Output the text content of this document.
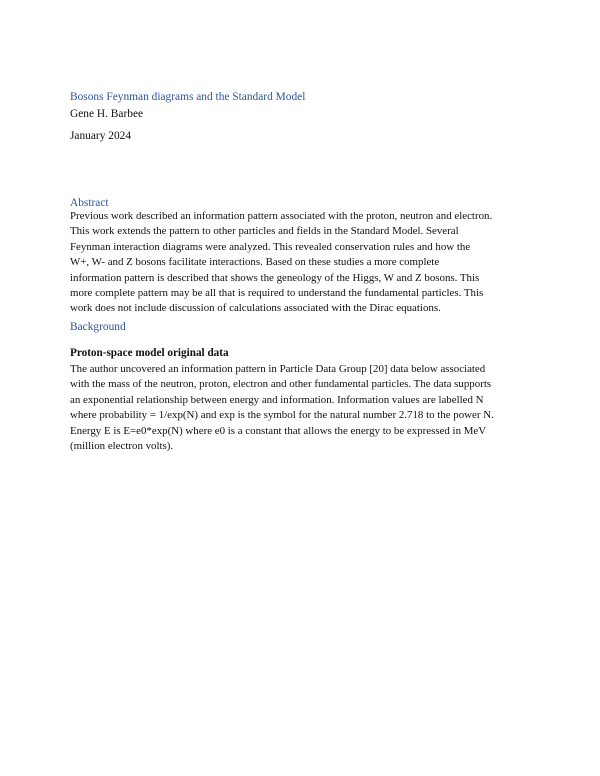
Bosons Feynman diagrams and the Standard Model

Gene H. Barbee

January 2024

Abstract

Previous work described an information pattern associated with the proton, neutron and electron.
This work extends the pattern to other particles and fields in the Standard Model. Several
Feynman interaction diagrams were analyzed. This revealed conservation rules and how the
W+, W- and Z bosons facilitate interactions. Based on these studies a more complete
information pattern is described that shows the geneology of the Higgs, W and Z bosons. This
more complete pattern may be all that is required to understand the fundamental particles. This
work does not include discussion of calculations associated with the Dirac equations.

Background

Proton-space model original data

The author uncovered an information pattern in Particle Data Group [20] data below associated
with the mass of the neutron, proton, electron and other fundamental particles. The data supports
an exponential relationship between energy and information. Information values are labelled N
where probability = 1/exp(N) and exp is the symbol for the natural number 2.718 to the power N.
Energy E is E=e0*exp(N) where e0 is a constant that allows the energy to be expressed in MeV
(million electron volts).
